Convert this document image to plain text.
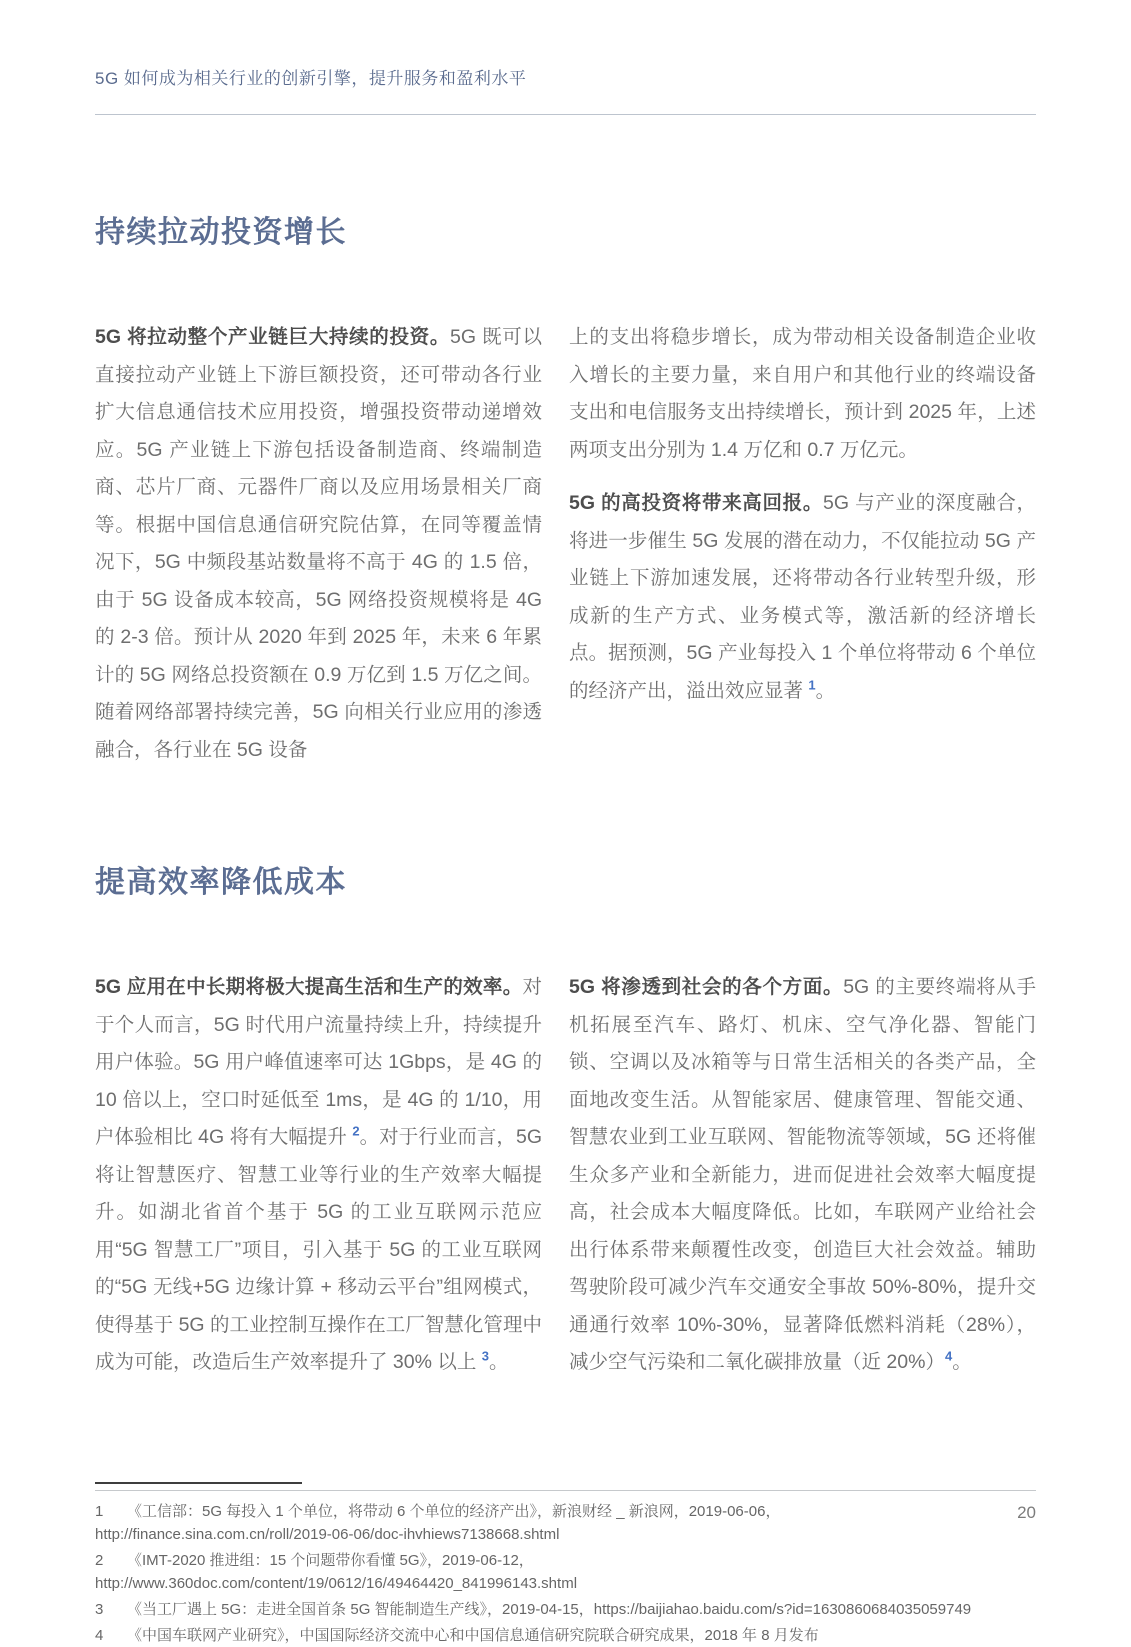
5G 如何成为相关行业的创新引擎，提升服务和盈利水平
持续拉动投资增长

5G 将拉动整个产业链巨大持续的投资。5G 既可以直接拉动产业链上下游巨额投资，还可带动各行业扩大信息通信技术应用投资，增强投资带动递增效应。5G 产业链上下游包括设备制造商、终端制造商、芯片厂商、元器件厂商以及应用场景相关厂商等。根据中国信息通信研究院估算，在同等覆盖情况下，5G 中频段基站数量将不高于 4G 的 1.5 倍，由于 5G 设备成本较高，5G 网络投资规模将是 4G 的 2-3 倍。预计从 2020 年到 2025 年，未来 6 年累计的 5G 网络总投资额在 0.9 万亿到 1.5 万亿之间。随着网络部署持续完善，5G 向相关行业应用的渗透融合，各行业在 5G 设备

上的支出将稳步增长，成为带动相关设备制造企业收入增长的主要力量，来自用户和其他行业的终端设备支出和电信服务支出持续增长，预计到 2025 年，上述两项支出分别为 1.4 万亿和 0.7 万亿元。

5G 的高投资将带来高回报。5G 与产业的深度融合，将进一步催生 5G 发展的潜在动力，不仅能拉动 5G 产业链上下游加速发展，还将带动各行业转型升级，形成新的生产方式、业务模式等，激活新的经济增长点。据预测，5G 产业每投入 1 个单位将带动 6 个单位的经济产出，溢出效应显著 $^1$。

提高效率降低成本

5G 应用在中长期将极大提高生活和生产的效率。对于个人而言，5G 时代用户流量持续上升，持续提升用户体验。5G 用户峰值速率可达 1Gbps，是 4G 的 10 倍以上，空口时延低至 1ms，是 4G 的 1/10，用户体验相比 4G 将有大幅提升 $^2$。对于行业而言，5G 将让智慧医疗、智慧工业等行业的生产效率大幅提升。如湖北省首个基于 5G 的工业互联网示范应用“5G 智慧工厂”项目，引入基于 5G 的工业互联网的“5G 无线+5G 边缘计算 + 移动云平台”组网模式，使得基于 5G 的工业控制互操作在工厂智慧化管理中成为可能，改造后生产效率提升了 30% 以上 $^3$。

5G 将渗透到社会的各个方面。5G 的主要终端将从手机拓展至汽车、路灯、机床、空气净化器、智能门锁、空调以及冰箱等与日常生活相关的各类产品，全面地改变生活。从智能家居、健康管理、智能交通、智慧农业到工业互联网、智能物流等领域，5G 还将催生众多产业和全新能力，进而促进社会效率大幅度提高，社会成本大幅度降低。比如，车联网产业给社会出行体系带来颠覆性改变，创造巨大社会效益。辅助驾驶阶段可减少汽车交通安全事故 50%-80%，提升交通通行效率 10%-30%，显著降低燃料消耗（28%），减少空气污染和二氧化碳排放量（近 20%）$^4$。

1 《工信部：5G 每投入 1 个单位，将带动 6 个单位的经济产出》，新浪财经 _ 新浪网，2019-06-06，
http://finance.sina.com.cn/roll/2019-06-06/doc-ihvhiews7138668.shtml
2 《IMT-2020 推进组：15 个问题带你看懂 5G》，2019-06-12，
http://www.360doc.com/content/19/0612/16/49464420_841996143.shtml
3 《当工厂遇上 5G：走进全国首条 5G 智能制造生产线》，2019-04-15，https://baijiahao.baidu.com/s?id=1630860684035059749
4 《中国车联网产业研究》，中国国际经济交流中心和中国信息通信研究院联合研究成果，2018 年 8 月发布
20
